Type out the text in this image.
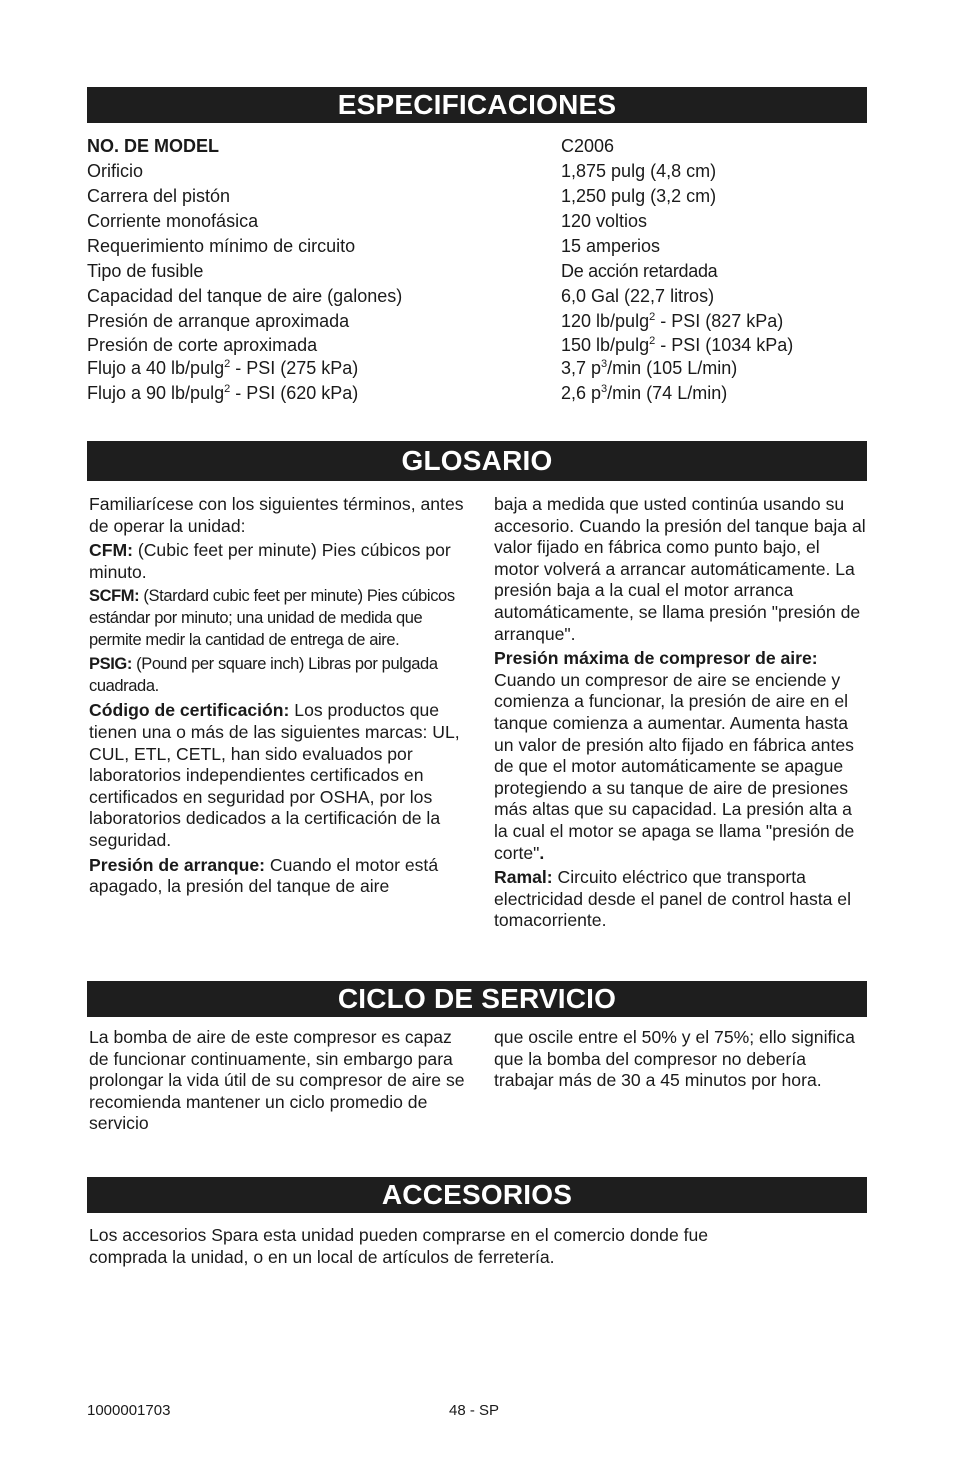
ESPECIFICACIONES
NO. DE MODEL	C2006
Orificio	1,875 pulg (4,8 cm)
Carrera del pistón	1,250 pulg (3,2 cm)
Corriente monofásica	120 voltios
Requerimiento mínimo de circuito	15 amperios
Tipo de fusible	De acción retardada
Capacidad del tanque de aire (galones)	6,0 Gal (22,7 litros)
Presión de arranque aproximada	120 lb/pulg$^2$ - PSI (827 kPa)
Presión de corte aproximada	150 lb/pulg$^2$ - PSI (1034 kPa)
Flujo a 40 lb/pulg$^2$ - PSI (275 kPa)	3,7 $p^3/\min$ (105 L/min)
Flujo a 90 lb/pulg$^2$ - PSI (620 kPa)	2,6 $p^3/\min$ (74 L/min)
GLOSARIO

Familiarícese con los siguientes términos, antes de operar la unidad:

CFM: (Cubic feet per minute) Pies cúbicos por minuto.

SCFM: (Stardard cubic feet per minute) Pies cúbicos estándar por minuto; una unidad de medida que permite medir la cantidad de entrega de aire.

PSIG: (Pound per square inch) Libras por pulgada cuadrada.

Código de certificación: Los productos que tienen una o más de las siguientes marcas: UL, CUL, ETL, CETL, han sido evaluados por laboratorios independientes certificados en certificados en seguridad por OSHA, por los laboratorios dedicados a la certificación de la seguridad.

Presión de arranque: Cuando el motor está apagado, la presión del tanque de aire

baja a medida que usted continúa usando su accesorio. Cuando la presión del tanque baja al valor fijado en fábrica como punto bajo, el motor volverá a arrancar automáticamente. La presión baja a la cual el motor arranca automáticamente, se llama presión "presión de arranque".

Presión máxima de compresor de aire: Cuando un compresor de aire se enciende y comienza a funcionar, la presión de aire en el tanque comienza a aumentar. Aumenta hasta un valor de presión alto fijado en fábrica antes de que el motor automáticamente se apague protegiendo a su tanque de aire de presiones más altas que su capacidad. La presión alta a la cual el motor se apaga se llama "presión de corte".

Ramal: Circuito eléctrico que transporta electricidad desde el panel de control hasta el tomacorriente.

CICLO DE SERVICIO

La bomba de aire de este compresor es capaz de funcionar continuamente, sin embargo para prolongar la vida útil de su compresor de aire se recomienda mantener un ciclo promedio de servicio

que oscile entre el 50% y el 75%; ello significa que la bomba del compresor no debería trabajar más de 30 a 45 minutos por hora.

ACCESORIOS

Los accesorios Spara esta unidad pueden comprarse en el comercio donde fue comprada la unidad, o en un local de artículos de ferretería.

1000001703	48 - SP
